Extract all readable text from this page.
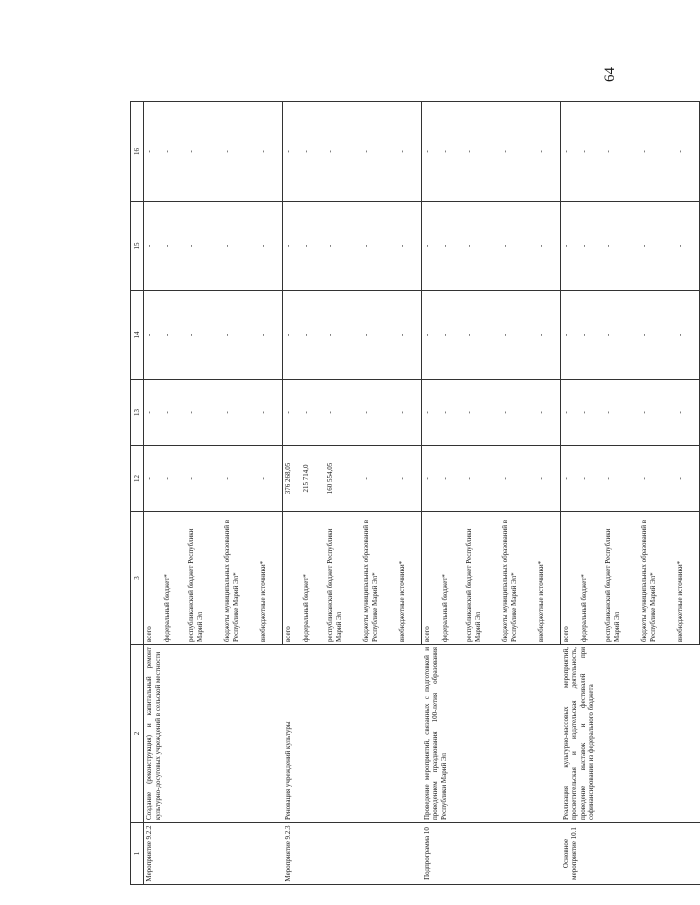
64
1	2	3	12	13	14	15	16
Мероприятие 9.2.2	Создание (реконструкция) и капитальный ремонт культурно-досуговых учреждений в сельской местности	всего	-	-	-	-	-
		федеральный бюджет*	-	-	-	-	-
		республиканский бюджет Республики Марий Эл	-	-	-	-	-
		бюджеты муниципальных образований в Республике Марий Эл*	-	-	-	-	-
		внебюджетные источники*	-	-	-	-	-
Мероприятие 9.2.3	Реновация учреждений культуры	всего	376 268,05	-	-	-	-
		федеральный бюджет*	215 714,0	-	-	-	-
		республиканский бюджет Республики Марий Эл	160 554,05	-	-	-	-
		бюджеты муниципальных образований в Республике Марий Эл*	-	-	-	-	-
		внебюджетные источники*	-	-	-	-	-
Подпрограмма 10	Проведение мероприятий, связанных с подготовкой и проведением празднования 100-летия образования Республики Марий Эл	всего	-	-	-	-	-
		федеральный бюджет*	-	-	-	-	-
		республиканский бюджет Республики Марий Эл	-	-	-	-	-
		бюджеты муниципальных образований в Республике Марий Эл*	-	-	-	-	-
		внебюджетные источники*	-	-	-	-	-
Основное мероприятие 10.1	Реализация культурно-массовых мероприятий, просветительская и издательская деятельность, проведение выставок и фестивалей при софинансировании из федерального бюджета	всего	-	-	-	-	-
		федеральный бюджет*	-	-	-	-	-
		республиканский бюджет Республики Марий Эл	-	-	-	-	-
		бюджеты муниципальных образований в Республике Марий Эл*	-	-	-	-	-
		внебюджетные источники*	-	-	-	-	-
